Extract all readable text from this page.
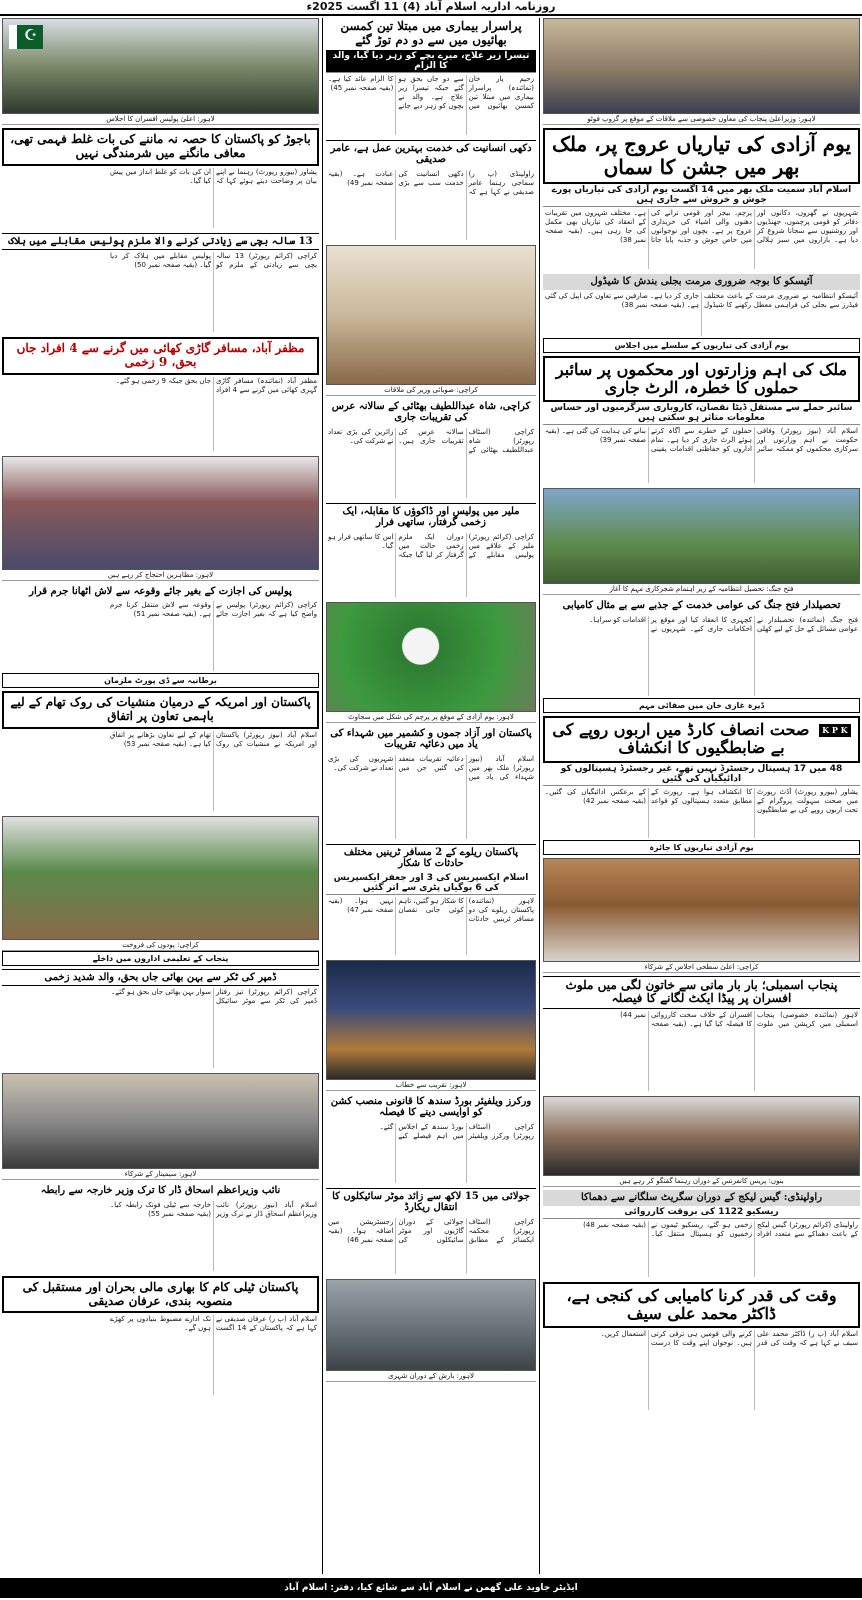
روزنامہ اداریہ اسلام آباد (4) 11 اگست 2025ء
لاہور: وزیراعلیٰ پنجاب کی معاون خصوصی سے ملاقات کے موقع پر گروپ فوٹو
یوم آزادی کی تیاریاں عروج پر، ملک بھر میں جشن کا سماں
اسلام آباد سمیت ملک بھر میں 14 اگست یوم آزادی کی تیاریاں پورے جوش و خروش سے جاری ہیں
شہریوں نے گھروں، دکانوں اور دفاتر کو قومی پرچموں، جھنڈیوں اور روشنیوں سے سجانا شروع کر دیا ہے۔ بازاروں میں سبز ہلالی پرچم، بیجز اور قومی ترانے کی دھنوں والی اشیاء کی خریداری عروج پر ہے۔ بچوں اور نوجوانوں میں خاص جوش و جذبہ پایا جاتا ہے۔ مختلف شہروں میں تقریبات کے انعقاد کی تیاریاں بھی مکمل کی جا رہی ہیں۔ (بقیہ صفحہ نمبر 38)
آئیسکو کا بوجہ ضروری مرمت بجلی بندش کا شیڈول
آئیسکو انتظامیہ نے ضروری مرمت کے باعث مختلف فیڈرز سے بجلی کی فراہمی معطل رکھنے کا شیڈول جاری کر دیا ہے۔ صارفین سے تعاون کی اپیل کی گئی ہے۔ (بقیہ صفحہ نمبر 38)
یوم آزادی کی تیاریوں کے سلسلے میں اجلاس
ملک کی اہم وزارتوں اور محکموں پر سائبر حملوں کا خطرہ، الرٹ جاری
سائبر حملے سے مستقل ڈیٹا نقصان، کاروباری سرگرمیوں اور حساس معلومات متاثر ہو سکتی ہیں
اسلام آباد (نیوز رپورٹر) وفاقی حکومت نے اہم وزارتوں اور سرکاری محکموں کو ممکنہ سائبر حملوں کے خطرے سے آگاہ کرتے ہوئے الرٹ جاری کر دیا ہے۔ تمام اداروں کو حفاظتی اقدامات یقینی بنانے کی ہدایت کی گئی ہے۔ (بقیہ صفحہ نمبر 39)
فتح جنگ: تحصیل انتظامیہ کے زیر اہتمام شجرکاری مہم کا آغاز
تحصیلدار فتح جنگ کی عوامی خدمت کے جذبے سے بے مثال کامیابی
فتح جنگ (نمائندہ) تحصیلدار نے عوامی مسائل کے حل کے لیے کھلی کچہری کا انعقاد کیا اور موقع پر احکامات جاری کیے۔ شہریوں نے اقدامات کو سراہا۔
ڈیرہ غازی خان میں صفائی مہم
K P K صحت انصاف کارڈ میں اربوں روپے کی بے ضابطگیوں کا انکشاف
48 میں 17 ہسپتال رجسٹرڈ نہیں تھے، غیر رجسٹرڈ ہسپتالوں کو ادائیگیاں کی گئیں
پشاور (بیورو رپورٹ) آڈٹ رپورٹ میں صحت سہولت پروگرام کے تحت اربوں روپے کی بے ضابطگیوں کا انکشاف ہوا ہے۔ رپورٹ کے مطابق متعدد ہسپتالوں کو قواعد کے برعکس ادائیگیاں کی گئیں۔ (بقیہ صفحہ نمبر 42)
یوم آزادی تیاریوں کا جائزہ
کراچی: اعلیٰ سطحی اجلاس کے شرکاء
پنجاب اسمبلی؛ بار بار مانی سے خاتون لگی میں ملوث افسران پر پیڈا ایکٹ لگانے کا فیصلہ
لاہور (نمائندہ خصوصی) پنجاب اسمبلی میں کرپشن میں ملوث افسران کے خلاف سخت کارروائی کا فیصلہ کیا گیا ہے۔ (بقیہ صفحہ نمبر 44)
بنوں: پریس کانفرنس کے دوران رہنما گفتگو کر رہے ہیں
راولپنڈی: گیس لیکج کے دوران سگریٹ سلگانے سے دھماکا
ریسکیو 1122 کی بروقت کارروائی
راولپنڈی (کرائم رپورٹر) گیس لیکج کے باعث دھماکے سے متعدد افراد زخمی ہو گئے، ریسکیو ٹیموں نے زخمیوں کو ہسپتال منتقل کیا۔ (بقیہ صفحہ نمبر 48)
وقت کی قدر کرنا کامیابی کی کنجی ہے، ڈاکٹر محمد علی سیف
اسلام آباد (پ ر) ڈاکٹر محمد علی سیف نے کہا ہے کہ وقت کی قدر کرنے والی قومیں ہی ترقی کرتی ہیں۔ نوجوان اپنے وقت کا درست استعمال کریں۔
پراسرار بیماری میں مبتلا تین کمسن بھائیوں میں سے دو دم توڑ گئے
تیسرا زیر علاج، میرے بچے کو زہر دیا گیا، والد کا الزام
رحیم یار خان (نمائندہ) پراسرار بیماری میں مبتلا تین کمسن بھائیوں میں سے دو جاں بحق ہو گئے جبکہ تیسرا زیر علاج ہے۔ والد نے بچوں کو زہر دیے جانے کا الزام عائد کیا ہے۔ (بقیہ صفحہ نمبر 45)
دکھی انسانیت کی خدمت بہترین عمل ہے، عامر صدیقی
راولپنڈی (پ ر) سماجی رہنما عامر صدیقی نے کہا ہے کہ دکھی انسانیت کی خدمت سب سے بڑی عبادت ہے۔ (بقیہ صفحہ نمبر 49)
کراچی: صوبائی وزیر کی ملاقات
کراچی، شاہ عبداللطیف بھٹائی کے سالانہ عرس کی تقریبات جاری
کراچی (اسٹاف رپورٹر) شاہ عبداللطیف بھٹائی کے سالانہ عرس کی تقریبات جاری ہیں۔ زائرین کی بڑی تعداد نے شرکت کی۔
ملیر میں پولیس اور ڈاکوؤں کا مقابلہ، ایک زخمی گرفتار، ساتھی فرار
کراچی (کرائم رپورٹر) ملیر کے علاقے میں پولیس مقابلے کے دوران ایک ملزم زخمی حالت میں گرفتار کر لیا گیا جبکہ اس کا ساتھی فرار ہو گیا۔
لاہور: یوم آزادی کے موقع پر پرچم کی شکل میں سجاوٹ
پاکستان اور آزاد جموں و کشمیر میں شہداء کی یاد میں دعائیہ تقریبات
اسلام آباد (نیوز رپورٹر) ملک بھر میں شہداء کی یاد میں دعائیہ تقریبات منعقد کی گئیں جن میں شہریوں کی بڑی تعداد نے شرکت کی۔
پاکستان ریلوے کے 2 مسافر ٹرینیں مختلف حادثات کا شکار
اسلام ایکسپریس کی 3 اور جعفر ایکسپریس کی 6 بوگیاں پٹری سے اتر گئیں
لاہور (نمائندہ) پاکستان ریلوے کی دو مسافر ٹرینیں حادثات کا شکار ہو گئیں، تاہم کوئی جانی نقصان نہیں ہوا۔ (بقیہ صفحہ نمبر 47)
لاہور: تقریب سے خطاب
ورکرز ویلفیئر بورڈ سندھ کا قانونی منصب کشن کو اوایسی دینے کا فیصلہ
کراچی (اسٹاف رپورٹر) ورکرز ویلفیئر بورڈ سندھ کے اجلاس میں اہم فیصلے کیے گئے۔
جولائی میں 15 لاکھ سے زائد موٹر سائیکلوں کا انتقال ریکارڈ
کراچی (اسٹاف رپورٹر) محکمہ ایکسائز کے مطابق جولائی کے دوران گاڑیوں اور موٹر سائیکلوں کی رجسٹریشن میں اضافہ ہوا۔ (بقیہ صفحہ نمبر 46)
لاہور: بارش کے دوران شہری
☪
لاہور: اعلیٰ پولیس افسران کا اجلاس
باجوڑ کو پاکستان کا حصہ نہ ماننے کی بات غلط فہمی تھی، معافی مانگنے میں شرمندگی نہیں
پشاور (بیورو رپورٹ) رہنما نے اپنے بیان پر وضاحت دیتے ہوئے کہا کہ ان کی بات کو غلط انداز میں پیش کیا گیا۔
13 سالہ بچی سے زیادتی کرنے والا ملزم پولیس مقابلے میں ہلاک
کراچی (کرائم رپورٹر) 13 سالہ بچی سے زیادتی کے ملزم کو پولیس مقابلے میں ہلاک کر دیا گیا۔ (بقیہ صفحہ نمبر 50)
مظفر آباد، مسافر گاڑی کھائی میں گرنے سے 4 افراد جاں بحق، 9 زخمی
مظفر آباد (نمائندہ) مسافر گاڑی گہری کھائی میں گرنے سے 4 افراد جاں بحق جبکہ 9 زخمی ہو گئے۔
لاہور: مظاہرین احتجاج کر رہے ہیں
پولیس کی اجازت کے بغیر جائے وقوعہ سے لاش اٹھانا جرم قرار
کراچی (کرائم رپورٹر) پولیس نے واضح کیا ہے کہ بغیر اجازت جائے وقوعہ سے لاش منتقل کرنا جرم ہے۔ (بقیہ صفحہ نمبر 51)
برطانیہ سے ڈی پورٹ ملزمان
پاکستان اور امریکہ کے درمیان منشیات کی روک تھام کے لیے باہمی تعاون پر اتفاق
اسلام آباد (نیوز رپورٹر) پاکستان اور امریکہ نے منشیات کی روک تھام کے لیے تعاون بڑھانے پر اتفاق کیا ہے۔ (بقیہ صفحہ نمبر 53)
کراچی: پودوں کی فروخت
پنجاب کے تعلیمی اداروں میں داخلے
ڈمپر کی ٹکر سے بہن بھائی جاں بحق، والد شدید زخمی
کراچی (کرائم رپورٹر) تیز رفتار ڈمپر کی ٹکر سے موٹر سائیکل سوار بہن بھائی جاں بحق ہو گئے۔
لاہور: سیمینار کے شرکاء
نائب وزیراعظم اسحاق ڈار کا ترک وزیر خارجہ سے رابطہ
اسلام آباد (نیوز رپورٹر) نائب وزیراعظم اسحاق ڈار نے ترک وزیر خارجہ سے ٹیلی فونک رابطہ کیا۔ (بقیہ صفحہ نمبر 55)
پاکستان ٹیلی کام کا بھاری مالی بحران اور مستقبل کی منصوبہ بندی، عرفان صدیقی
اسلام آباد (پ ر) عرفان صدیقی نے کہا ہے کہ پاکستان کے 14 اگست تک ادارے مضبوط بنیادوں پر کھڑے ہوں گے۔
ایڈیٹر جاوید علی گھمن نے اسلام آباد سے شائع کیا، دفتر: اسلام آباد
